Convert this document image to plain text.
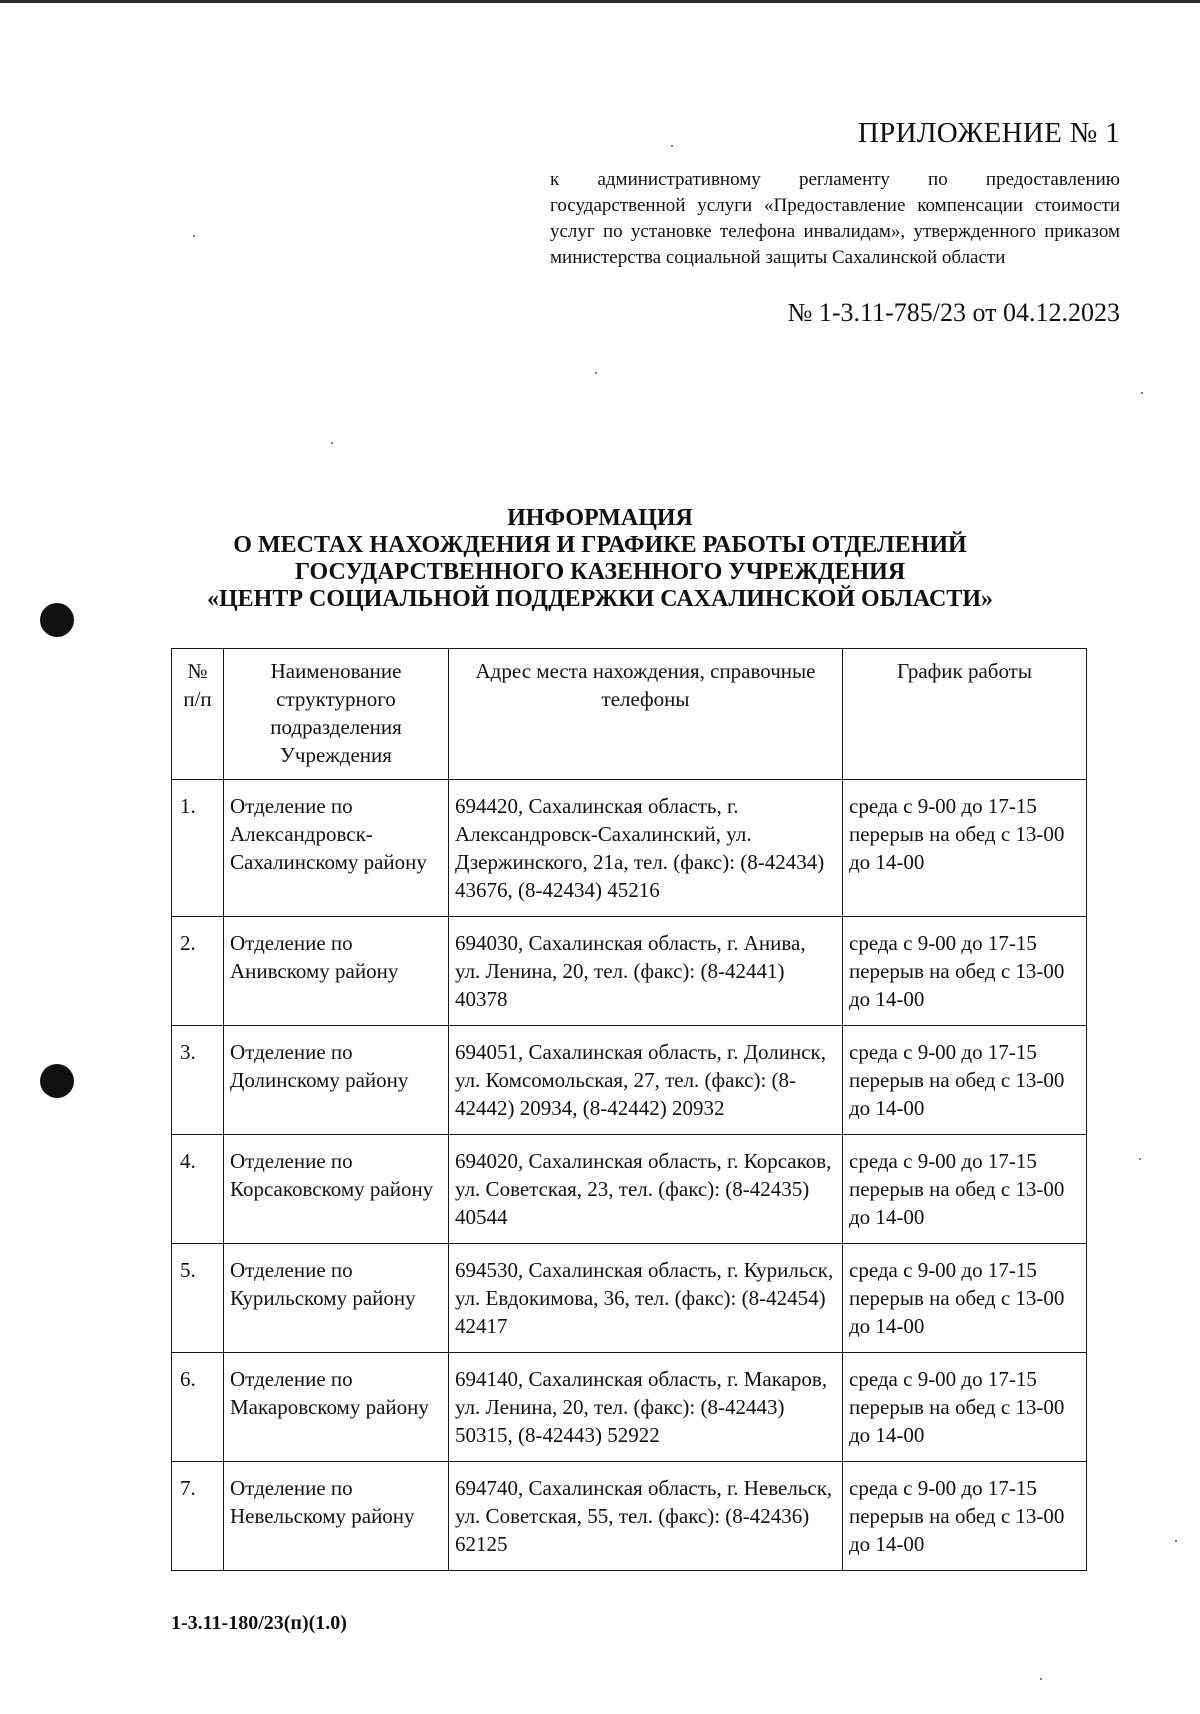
ПРИЛОЖЕНИЕ № 1

к административному регламенту по предоставлению государственной услуги «Предоставление компенсации стоимости услуг по установке телефона инвалидам», утвержденного приказом министерства социальной защиты Сахалинской области

№ 1-3.11-785/23 от 04.12.2023
ИНФОРМАЦИЯ
О МЕСТАХ НАХОЖДЕНИЯ И ГРАФИКЕ РАБОТЫ ОТДЕЛЕНИЙ
ГОСУДАРСТВЕННОГО КАЗЕННОГО УЧРЕЖДЕНИЯ
«ЦЕНТР СОЦИАЛЬНОЙ ПОДДЕРЖКИ САХАЛИНСКОЙ ОБЛАСТИ»
№ п/п	Наименование структурного подразделения Учреждения	Адрес места нахождения, справочные телефоны	График работы
1.	Отделение по Александровск-Сахалинскому району	694420, Сахалинская область, г. Александровск-Сахалинский, ул. Дзержинского, 21а, тел. (факс): (8-42434) 43676, (8-42434) 45216	среда с 9-00 до 17-15 перерыв на обед с 13-00 до 14-00
2.	Отделение по Анивскому району	694030, Сахалинская область, г. Анива, ул. Ленина, 20, тел. (факс): (8-42441) 40378	среда с 9-00 до 17-15 перерыв на обед с 13-00 до 14-00
3.	Отделение по Долинскому району	694051, Сахалинская область, г. Долинск, ул. Комсомольская, 27, тел. (факс): (8-42442) 20934, (8-42442) 20932	среда с 9-00 до 17-15 перерыв на обед с 13-00 до 14-00
4.	Отделение по Корсаковскому району	694020, Сахалинская область, г. Корсаков, ул. Советская, 23, тел. (факс): (8-42435) 40544	среда с 9-00 до 17-15 перерыв на обед с 13-00 до 14-00
5.	Отделение по Курильскому району	694530, Сахалинская область, г. Курильск, ул. Евдокимова, 36, тел. (факс): (8-42454) 42417	среда с 9-00 до 17-15 перерыв на обед с 13-00 до 14-00
6.	Отделение по Макаровскому району	694140, Сахалинская область, г. Макаров, ул. Ленина, 20, тел. (факс): (8-42443) 50315, (8-42443) 52922	среда с 9-00 до 17-15 перерыв на обед с 13-00 до 14-00
7.	Отделение по Невельскому району	694740, Сахалинская область, г. Невельск, ул. Советская, 55, тел. (факс): (8-42436) 62125	среда с 9-00 до 17-15 перерыв на обед с 13-00 до 14-00

1-3.11-180/23(п)(1.0)
